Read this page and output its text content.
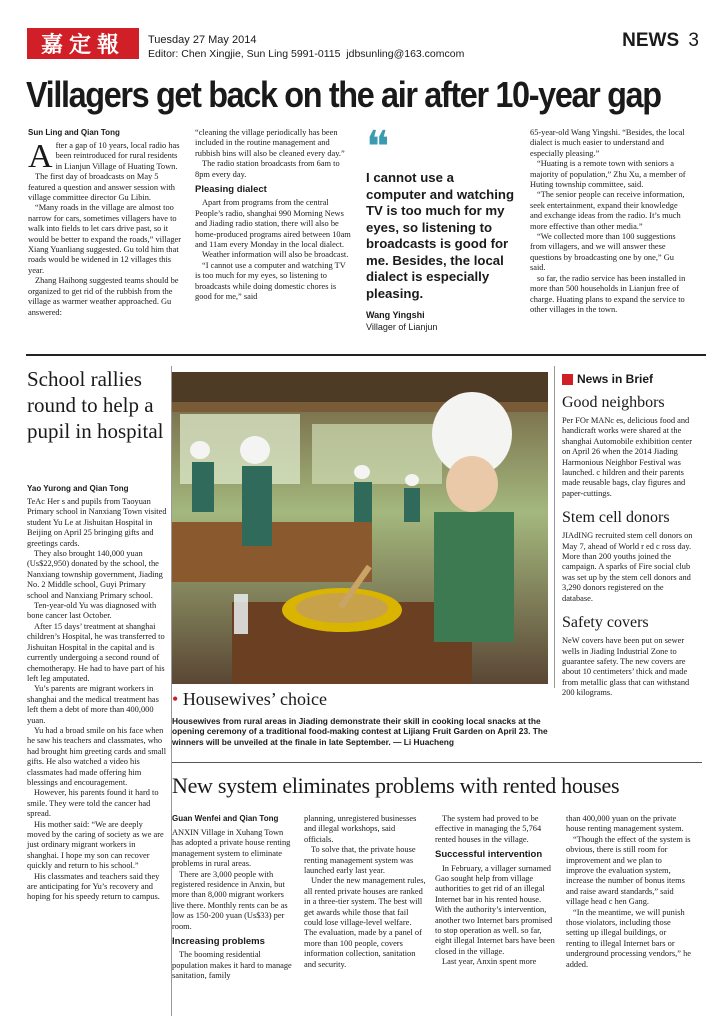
嘉定報 Tuesday 27 May 2014
Editor: Chen Xingjie, Sun Ling 5991-0115 jdbsunling@163.comcom
NEWS 3
Villagers get back on the air after 10-year gap
Sun Ling and Qian Tong
A fter a gap of 10 years, local radio has been reintroduced for rural residents in Lianjun Village of Huating Town.

The first day of broadcasts on May 5 featured a question and answer session with village committee director Gu Libin.

“Many roads in the village are almost too narrow for cars, sometimes villagers have to walk into fields to let cars drive past, so it would be better to expand the roads,” villager Xiang Yuanliang suggested. Gu told him that roads would be widened in 12 villages this year.

Zhang Haihong suggested teams should be organized to get rid of the rubbish from the village as warmer weather approached. Gu answered:

“cleaning the village periodically has been included in the routine management and rubbish bins will also be cleaned every day.”

The radio station broadcasts from 6am to 8pm every day.

Pleasing dialect

Apart from programs from the central People’s radio, shanghai 990 Morning News and Jiading radio station, there will also be home-produced programs aired between 10am and 11am every Monday in the local dialect.

Weather information will also be broadcast.

“I cannot use a computer and watching TV is too much for my eyes, so listening to broadcasts while doing domestic chores is good for me,” said

❝
I cannot use a computer and watching TV is too much for my eyes, so listening to broadcasts is good for me. Besides, the local dialect is especially pleasing.
Wang Yingshi
Villager of Lianjun

65-year-old Wang Yingshi. “Besides, the local dialect is much easier to understand and especially pleasing.”

“Huating is a remote town with seniors a majority of population,” Zhu Xu, a member of Huting township committee, said.

“The senior people can receive information, seek entertainment, expand their knowledge and exchange ideas from the radio. It’s much more effective than other media.”

“We collected more than 100 suggestions from villagers, and we will answer these questions by broadcasting one by one,” Gu said.

so far, the radio service has been installed in more than 500 households in Lianjun free of charge. Huating plans to expand the service to other villages in the town.

School rallies round to help a pupil in hospital
Yao Yurong and Qian Tong

TeAc Her s and pupils from Taoyuan Primary school in Nanxiang Town visited student Yu Le at Jishuitan Hospital in Beijing on April 25 bringing gifts and greetings cards.

They also brought 140,000 yuan (Us$22,950) donated by the school, the Nanxiang township government, Jiading No. 2 Middle school, Guyi Primary school and Nanxiang Primary school.

Ten-year-old Yu was diagnosed with bone cancer last October.

After 15 days’ treatment at shanghai children’s Hospital, he was transferred to Jishuitan Hospital in the capital and is currently undergoing a second round of chemotherapy. He had to have part of his left leg amputated.

Yu’s parents are migrant workers in shanghai and the medical treatment has left them a debt of more than 400,000 yuan.

Yu had a broad smile on his face when he saw his teachers and classmates, who had brought him greeting cards and small gifts. He also watched a video his classmates had made offering him blessings and encouragement.

However, his parents found it hard to smile. They were told the cancer had spread.

His mother said: “We are deeply moved by the caring of society as we are just ordinary migrant workers in shanghai. I hope my son can recover quickly and return to his school.”

His classmates and teachers said they are anticipating for Yu’s recovery and hoping for his speedy return to campus.

• Housewives’ choice
Housewives from rural areas in Jiading demonstrate their skill in cooking local snacks at the opening ceremony of a traditional food-making contest at Lijiang Fruit Garden on April 23. The winners will be unveiled at the finale in late September. — Li Huacheng
News in Brief
Good neighbors
Per FOr MANc es, delicious food and handicraft works were shared at the shanghai Automobile exhibition center on April 26 when the 2014 Jiading Harmonious Neighbor Festival was launched. c hildren and their parents made reusable bags, clay figures and paper-cuttings.
Stem cell donors
JIAdING recruited stem cell donors on May 7, ahead of World r ed c ross day. More than 200 youths joined the campaign. A sparks of Fire social club was set up by the stem cell donors and 3,290 donors registered on the database.
Safety covers
NeW covers have been put on sewer wells in Jiading Industrial Zone to guarantee safety. The new covers are about 10 centimeters’ thick and made from metallic glass that can withstand 200 kilograms.
New system eliminates problems with rented houses
Guan Wenfei and Qian Tong

ANXIN Village in Xuhang Town has adopted a private house renting management system to eliminate problems in rural areas.

There are 3,000 people with registered residence in Anxin, but more than 8,000 migrant workers live there. Monthly rents can be as low as 150-200 yuan (Us$33) per room.

Increasing problems

The booming residential population makes it hard to manage sanitation, family

planning, unregistered businesses and illegal workshops, said officials.

To solve that, the private house renting management system was launched early last year.

Under the new management rules, all rented private houses are ranked in a three-tier system. The best will get awards while those that fail could lose village-level welfare. The evaluation, made by a panel of more than 100 people, covers information collection, sanitation and security.

The system had proved to be effective in managing the 5,764 rented houses in the village.

Successful intervention

In February, a villager surnamed Gao sought help from village authorities to get rid of an illegal Internet bar in his rented house. With the authority’s intervention, another two Internet bars promised to stop operation as well. so far, eight illegal Internet bars have been closed in the village.

Last year, Anxin spent more

than 400,000 yuan on the private house renting management system.

“Though the effect of the system is obvious, there is still room for improvement and we plan to improve the evaluation system, increase the number of bonus items and raise award standards,” said village head c hen Gang.

“In the meantime, we will punish those violators, including those setting up illegal buildings, or renting to illegal Internet bars or underground processing vendors,” he added.
